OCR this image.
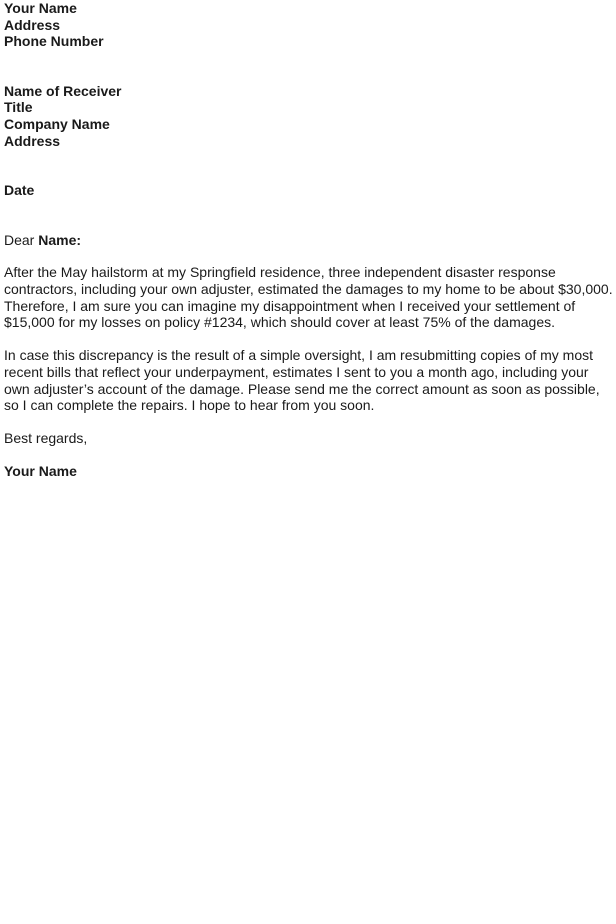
Your Name
Address
Phone Number
Name of Receiver
Title
Company Name
Address
Date
Dear Name:

After the May hailstorm at my Springfield residence, three independent disaster response contractors, including your own adjuster, estimated the damages to my home to be about $30,000. Therefore, I am sure you can imagine my disappointment when I received your settlement of $15,000 for my losses on policy #1234, which should cover at least 75% of the damages.

In case this discrepancy is the result of a simple oversight, I am resubmitting copies of my most recent bills that reflect your underpayment, estimates I sent to you a month ago, including your own adjuster’s account of the damage. Please send me the correct amount as soon as possible, so I can complete the repairs. I hope to hear from you soon.

Best regards,
Your Name
